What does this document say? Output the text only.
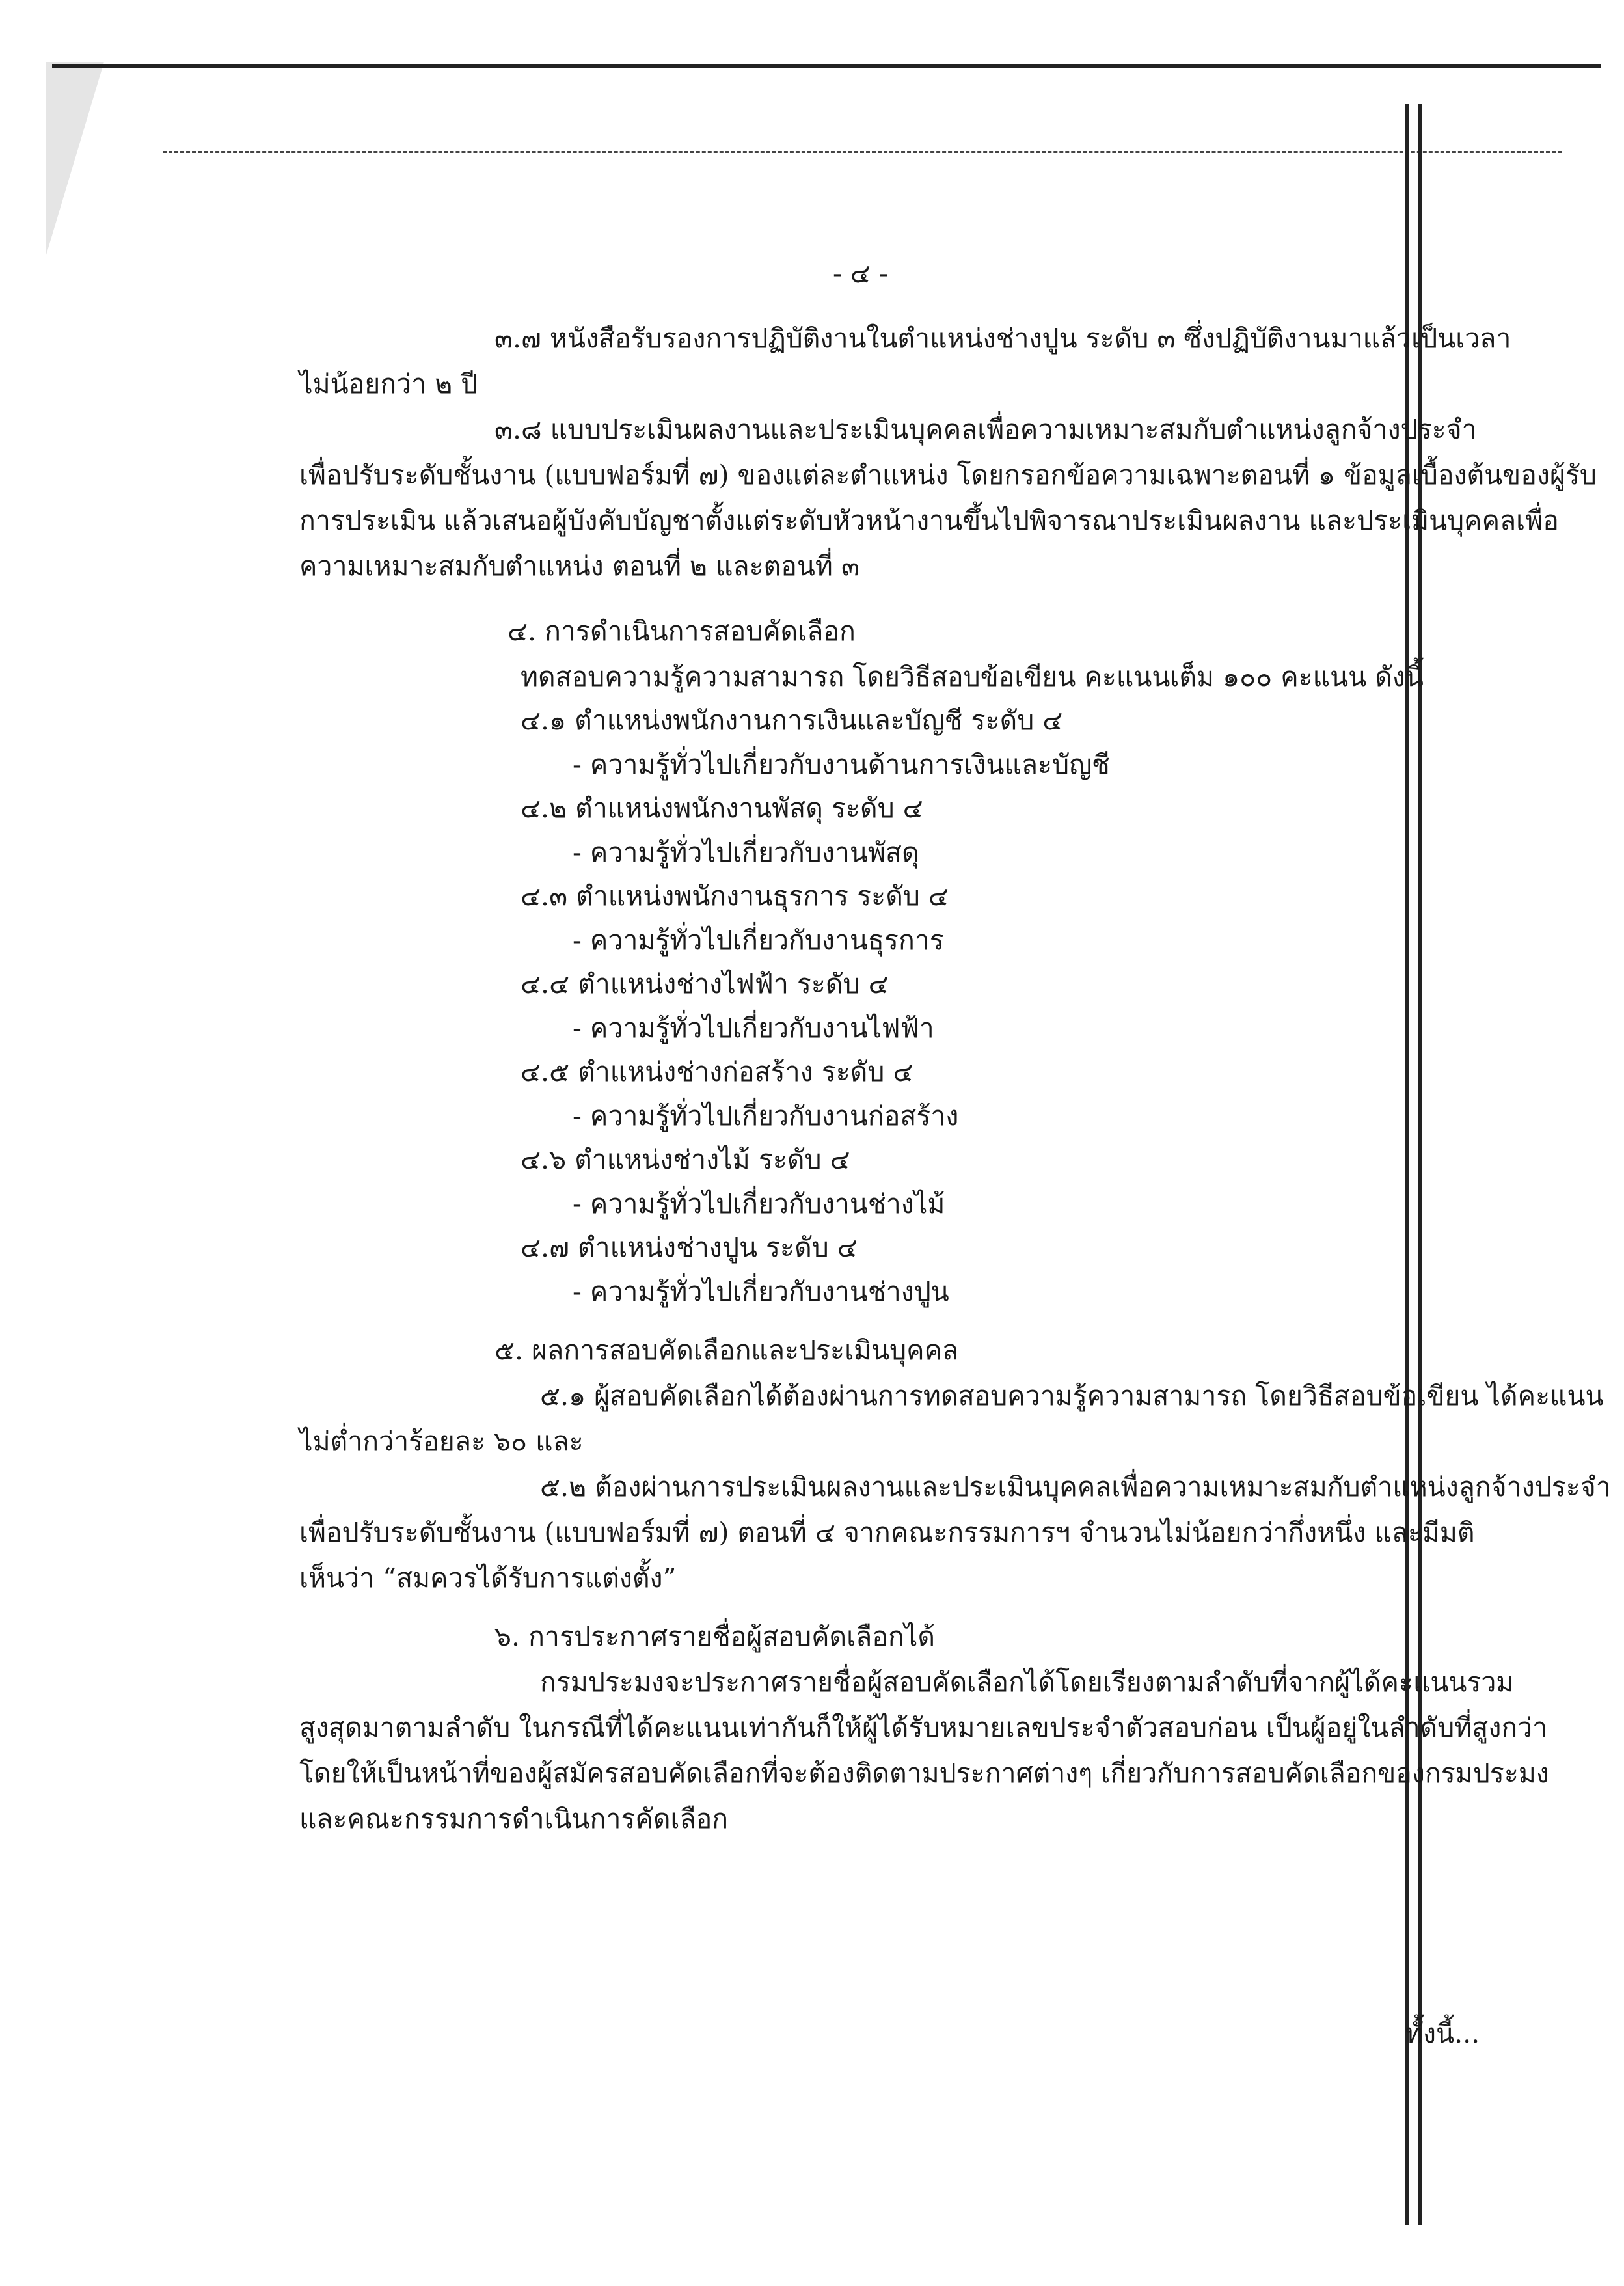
- ๔ -
๓.๗ หนังสือรับรองการปฏิบัติงานในตำแหน่งช่างปูน ระดับ ๓ ซึ่งปฏิบัติงานมาแล้วเป็นเวลา
ไม่น้อยกว่า ๒ ปี
๓.๘ แบบประเมินผลงานและประเมินบุคคลเพื่อความเหมาะสมกับตำแหน่งลูกจ้างประจำ
เพื่อปรับระดับชั้นงาน (แบบฟอร์มที่ ๗) ของแต่ละตำแหน่ง โดยกรอกข้อความเฉพาะตอนที่ ๑ ข้อมูลเบื้องต้นของผู้รับ
การประเมิน แล้วเสนอผู้บังคับบัญชาตั้งแต่ระดับหัวหน้างานขึ้นไปพิจารณาประเมินผลงาน และประเมินบุคคลเพื่อ
ความเหมาะสมกับตำแหน่ง ตอนที่ ๒ และตอนที่ ๓
๔. การดำเนินการสอบคัดเลือก
ทดสอบความรู้ความสามารถ โดยวิธีสอบข้อเขียน คะแนนเต็ม ๑๐๐ คะแนน ดังนี้
๔.๑ ตำแหน่งพนักงานการเงินและบัญชี ระดับ ๔
- ความรู้ทั่วไปเกี่ยวกับงานด้านการเงินและบัญชี
๔.๒ ตำแหน่งพนักงานพัสดุ ระดับ ๔
- ความรู้ทั่วไปเกี่ยวกับงานพัสดุ
๔.๓ ตำแหน่งพนักงานธุรการ ระดับ ๔
- ความรู้ทั่วไปเกี่ยวกับงานธุรการ
๔.๔ ตำแหน่งช่างไฟฟ้า ระดับ ๔
- ความรู้ทั่วไปเกี่ยวกับงานไฟฟ้า
๔.๕ ตำแหน่งช่างก่อสร้าง ระดับ ๔
- ความรู้ทั่วไปเกี่ยวกับงานก่อสร้าง
๔.๖ ตำแหน่งช่างไม้ ระดับ ๔
- ความรู้ทั่วไปเกี่ยวกับงานช่างไม้
๔.๗ ตำแหน่งช่างปูน ระดับ ๔
- ความรู้ทั่วไปเกี่ยวกับงานช่างปูน
๕. ผลการสอบคัดเลือกและประเมินบุคคล
๕.๑ ผู้สอบคัดเลือกได้ต้องผ่านการทดสอบความรู้ความสามารถ โดยวิธีสอบข้อเขียน ได้คะแนน
ไม่ต่ำกว่าร้อยละ ๖๐ และ
๕.๒ ต้องผ่านการประเมินผลงานและประเมินบุคคลเพื่อความเหมาะสมกับตำแหน่งลูกจ้างประจำ
เพื่อปรับระดับชั้นงาน (แบบฟอร์มที่ ๗) ตอนที่ ๔ จากคณะกรรมการฯ จำนวนไม่น้อยกว่ากึ่งหนึ่ง และมีมติ
เห็นว่า “สมควรได้รับการแต่งตั้ง”
๖. การประกาศรายชื่อผู้สอบคัดเลือกได้
กรมประมงจะประกาศรายชื่อผู้สอบคัดเลือกได้โดยเรียงตามลำดับที่จากผู้ได้คะแนนรวม
สูงสุดมาตามลำดับ ในกรณีที่ได้คะแนนเท่ากันก็ให้ผู้ได้รับหมายเลขประจำตัวสอบก่อน เป็นผู้อยู่ในลำดับที่สูงกว่า
โดยให้เป็นหน้าที่ของผู้สมัครสอบคัดเลือกที่จะต้องติดตามประกาศต่างๆ เกี่ยวกับการสอบคัดเลือกของกรมประมง
และคณะกรรมการดำเนินการคัดเลือก
ทั้งนี้...
